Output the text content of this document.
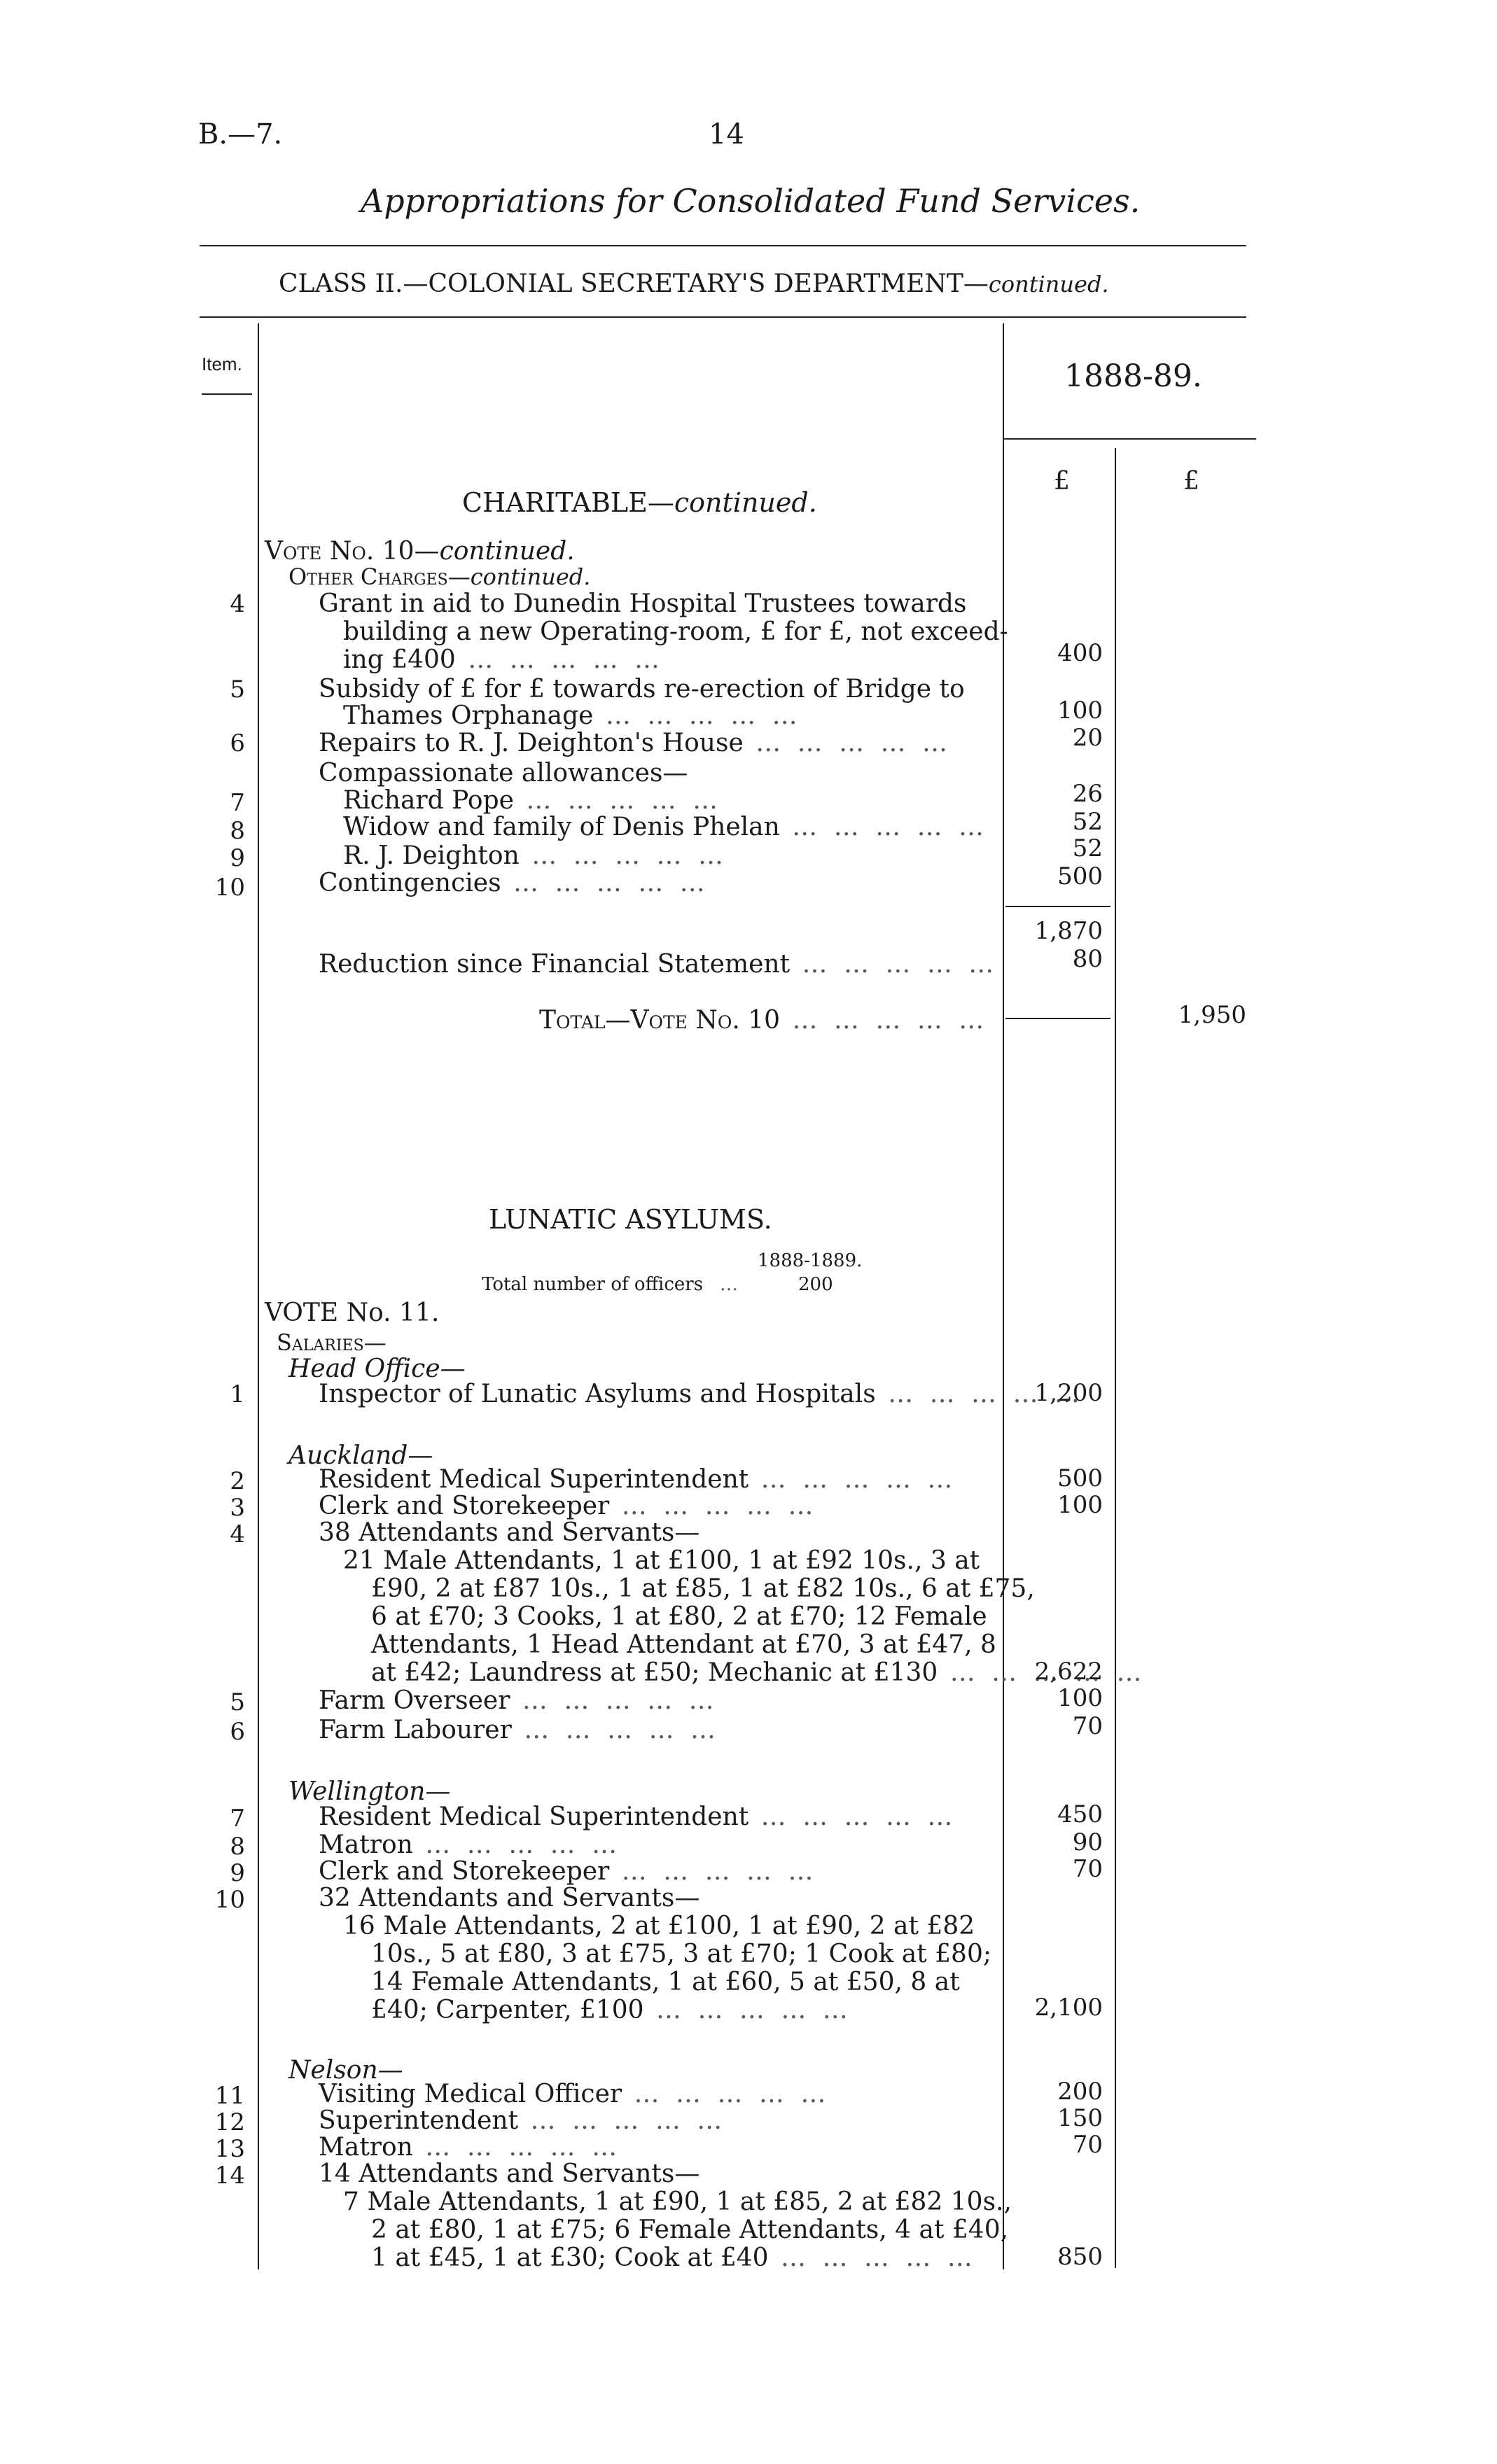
B.—7.	14
Appropriations for Consolidated Fund Services.
CLASS II.—COLONIAL SECRETARY'S DEPARTMENT—continued.
Item.	1888-89.
£	£
CHARITABLE—continued.
Vote No. 10—continued.
Other Charges—continued.
4	Grant in aid to Dunedin Hospital Trustees towards
building a new Operating-room, £ for £, not exceed-
ing £400 … … … … …	400
5	Subsidy of £ for £ towards re-erection of Bridge to
Thames Orphanage … … … … …	100
6	Repairs to R. J. Deighton's House … … … … …	20
Compassionate allowances—
7	Richard Pope … … … … …	26
8	Widow and family of Denis Phelan … … … … …	52
9	R. J. Deighton … … … … …	52
10	Contingencies … … … … …	500
1,870
Reduction since Financial Statement … … … … …	80
Total—Vote No. 10 … … … … …	1,950
LUNATIC ASYLUMS.
1888-1889.
Total number of officers …	200
VOTE No. 11.
Salaries—
Head Office—
1	Inspector of Lunatic Asylums and Hospitals … … … … …	1,200
Auckland—
2	Resident Medical Superintendent … … … … …	500
3	Clerk and Storekeeper … … … … …	100
4	38 Attendants and Servants—
21 Male Attendants, 1 at £100, 1 at £92 10s., 3 at
£90, 2 at £87 10s., 1 at £85, 1 at £82 10s., 6 at £75,
6 at £70; 3 Cooks, 1 at £80, 2 at £70; 12 Female
Attendants, 1 Head Attendant at £70, 3 at £47, 8
at £42; Laundress at £50; Mechanic at £130 … … … … …	2,622
5	Farm Overseer … … … … …	100
6	Farm Labourer … … … … …	70
Wellington—
7	Resident Medical Superintendent … … … … …	450
8	Matron … … … … …	90
9	Clerk and Storekeeper … … … … …	70
10	32 Attendants and Servants—
16 Male Attendants, 2 at £100, 1 at £90, 2 at £82
10s., 5 at £80, 3 at £75, 3 at £70; 1 Cook at £80;
14 Female Attendants, 1 at £60, 5 at £50, 8 at
£40; Carpenter, £100 … … … … …	2,100
Nelson—
11	Visiting Medical Officer … … … … …	200
12	Superintendent … … … … …	150
13	Matron … … … … …	70
14	14 Attendants and Servants—
7 Male Attendants, 1 at £90, 1 at £85, 2 at £82 10s.,
2 at £80, 1 at £75; 6 Female Attendants, 4 at £40,
1 at £45, 1 at £30; Cook at £40 … … … … …	850
